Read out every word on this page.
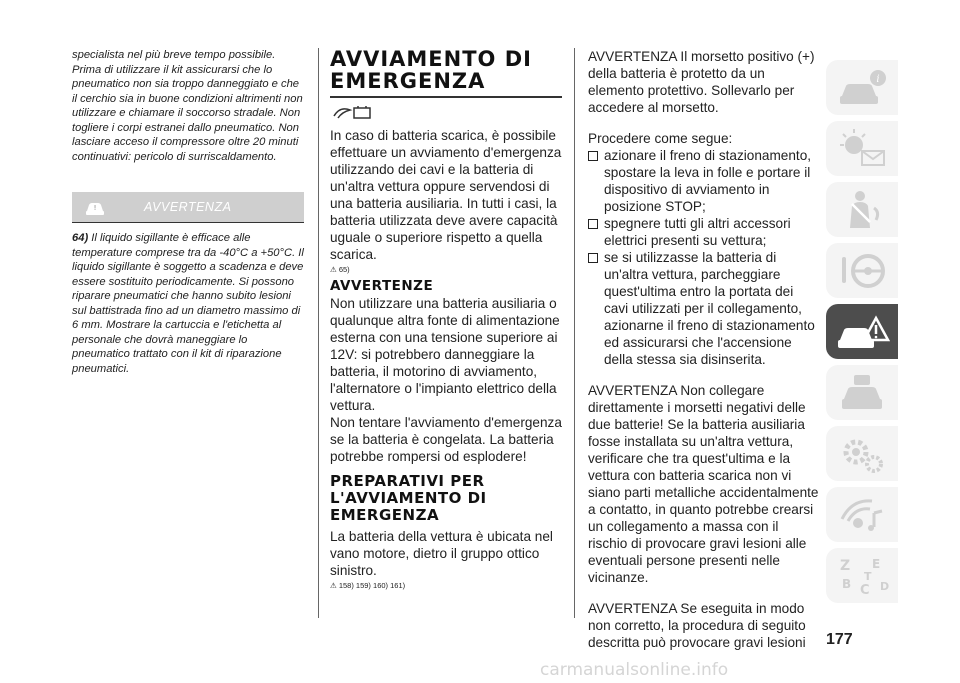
specialista nel più breve tempo possibile. Prima di utilizzare il kit assicurarsi che lo pneumatico non sia troppo danneggiato e che il cerchio sia in buone condizioni altrimenti non utilizzare e chiamare il soccorso stradale. Non togliere i corpi estranei dallo pneumatico. Non lasciare acceso il compressore oltre 20 minuti continuativi: pericolo di surriscaldamento.

!	AVVERTENZA

64) Il liquido sigillante è efficace alle temperature comprese tra da -40°C a +50°C. Il liquido sigillante è soggetto a scadenza e deve essere sostituito periodicamente. Si possono riparare pneumatici che hanno subito lesioni sul battistrada fino ad un diametro massimo di 6 mm. Mostrare la cartuccia e l'etichetta al personale che dovrà maneggiare lo pneumatico trattato con il kit di riparazione pneumatici.

AVVIAMENTO DI EMERGENZA

In caso di batteria scarica, è possibile effettuare un avviamento d'emergenza utilizzando dei cavi e la batteria di un'altra vettura oppure servendosi di una batteria ausiliaria. In tutti i casi, la batteria utilizzata deve avere capacità uguale o superiore rispetto a quella scarica.

⚠ 65)
AVVERTENZE

Non utilizzare una batteria ausiliaria o qualunque altra fonte di alimentazione esterna con una tensione superiore ai 12V: si potrebbero danneggiare la batteria, il motorino di avviamento, l'alternatore o l'impianto elettrico della vettura.

Non tentare l'avviamento d'emergenza se la batteria è congelata. La batteria potrebbe rompersi od esplodere!

PREPARATIVI PER L'AVVIAMENTO DI EMERGENZA

La batteria della vettura è ubicata nel vano motore, dietro il gruppo ottico sinistro.

⚠ 158) 159) 160) 161)

AVVERTENZA Il morsetto positivo (+) della batteria è protetto da un elemento protettivo. Sollevarlo per accedere al morsetto.

Procedere come segue:

azionare il freno di stazionamento, spostare la leva in folle e portare il dispositivo di avviamento in posizione STOP;
spegnere tutti gli altri accessori elettrici presenti su vettura;
se si utilizzasse la batteria di un'altra vettura, parcheggiare quest'ultima entro la portata dei cavi utilizzati per il collegamento, azionarne il freno di stazionamento ed assicurarsi che l'accensione della stessa sia disinserita.

AVVERTENZA Non collegare direttamente i morsetti negativi delle due batterie! Se la batteria ausiliaria fosse installata su un'altra vettura, verificare che tra quest'ultima e la vettura con batteria scarica non vi siano parti metalliche accidentalmente a contatto, in quanto potrebbe crearsi un collegamento a massa con il rischio di provocare gravi lesioni alle eventuali persone presenti nelle vicinanze.

AVVERTENZA Se eseguita in modo non corretto, la procedura di seguito descritta può provocare gravi lesioni

i
Z E
B C
T
D
177
carmanualsonline.info
